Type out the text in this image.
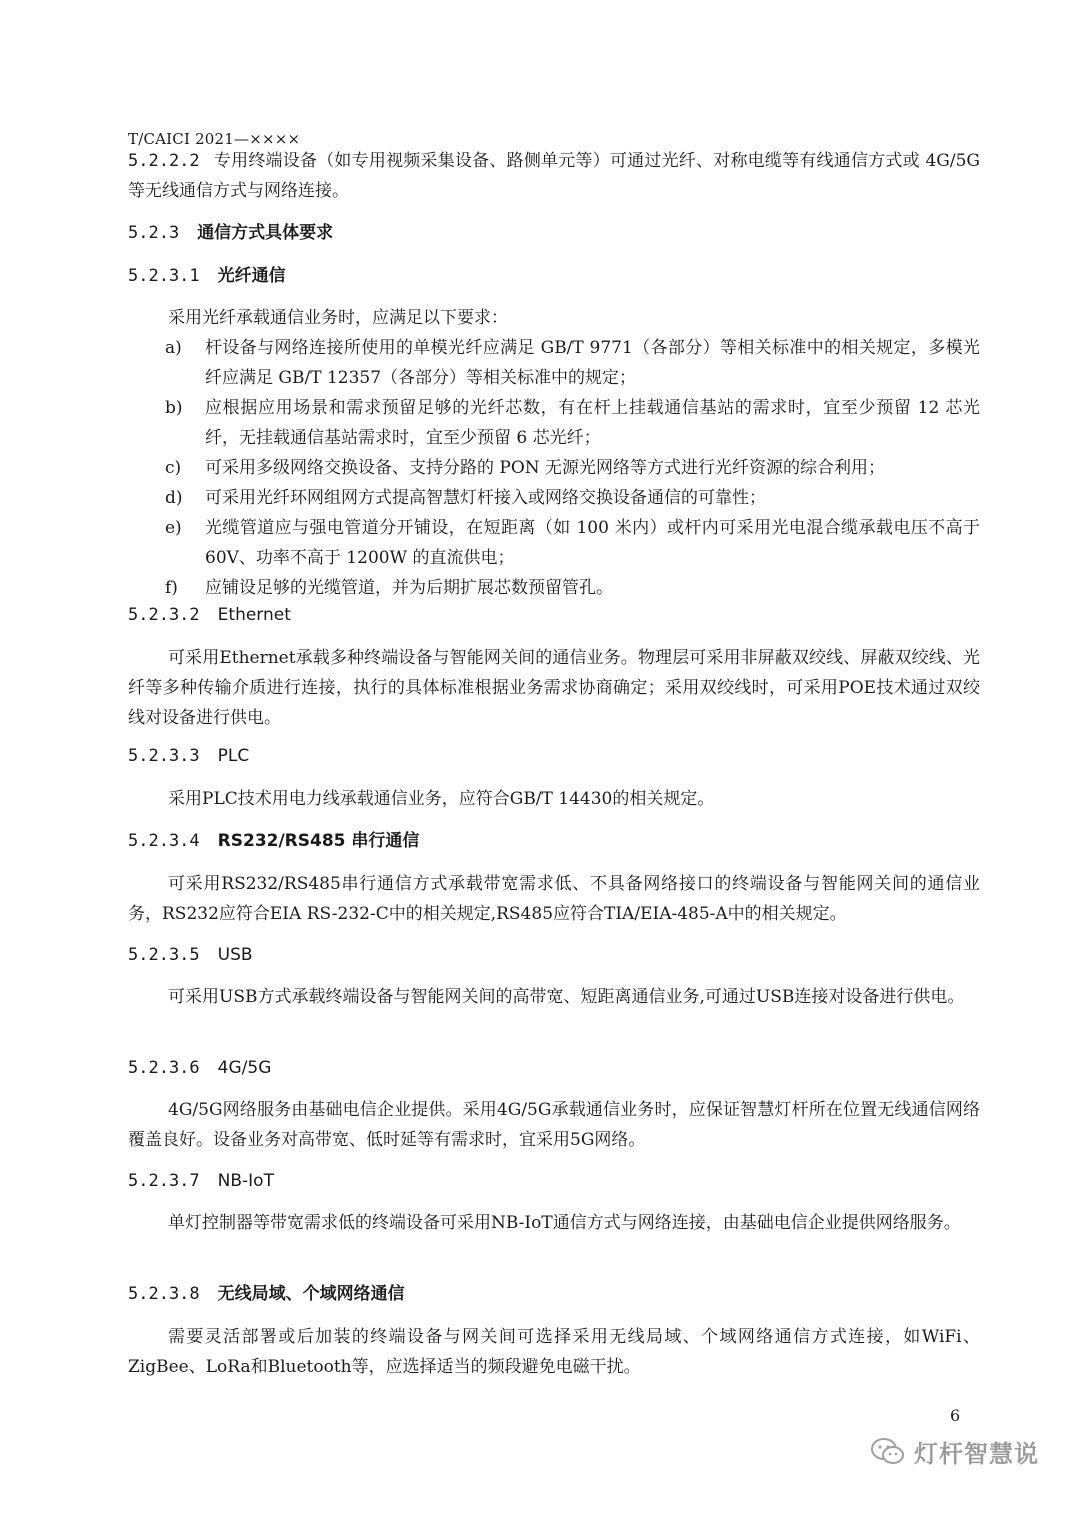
T/CAICI 2021—××××

5.2.2.2 专用终端设备（如专用视频采集设备、路侧单元等）可通过光纤、对称电缆等有线通信方式或 4G/5G 等无线通信方式与网络连接。

5.2.3 通信方式具体要求

5.2.3.1 光纤通信

采用光纤承载通信业务时，应满足以下要求：

a)	杆设备与网络连接所使用的单模光纤应满足 GB/T 9771（各部分）等相关标准中的相关规定，多模光纤应满足 GB/T 12357（各部分）等相关标准中的规定；
b)	应根据应用场景和需求预留足够的光纤芯数，有在杆上挂载通信基站的需求时，宜至少预留 12 芯光纤，无挂载通信基站需求时，宜至少预留 6 芯光纤；
c)	可采用多级网络交换设备、支持分路的 PON 无源光网络等方式进行光纤资源的综合利用；
d)	可采用光纤环网组网方式提高智慧灯杆接入或网络交换设备通信的可靠性；
e)	光缆管道应与强电管道分开铺设，在短距离（如 100 米内）或杆内可采用光电混合缆承载电压不高于 60V、功率不高于 1200W 的直流供电；
f)	应铺设足够的光缆管道，并为后期扩展芯数预留管孔。

5.2.3.2 Ethernet

可采用Ethernet承载多种终端设备与智能网关间的通信业务。物理层可采用非屏蔽双绞线、屏蔽双绞线、光纤等多种传输介质进行连接，执行的具体标准根据业务需求协商确定；采用双绞线时，可采用POE技术通过双绞线对设备进行供电。

5.2.3.3 PLC

采用PLC技术用电力线承载通信业务，应符合GB/T 14430的相关规定。

5.2.3.4 RS232/RS485 串行通信

可采用RS232/RS485串行通信方式承载带宽需求低、不具备网络接口的终端设备与智能网关间的通信业务，RS232应符合EIA RS-232-C中的相关规定,RS485应符合TIA/EIA-485-A中的相关规定。

5.2.3.5 USB

可采用USB方式承载终端设备与智能网关间的高带宽、短距离通信业务,可通过USB连接对设备进行供电。

5.2.3.6 4G/5G

4G/5G网络服务由基础电信企业提供。采用4G/5G承载通信业务时，应保证智慧灯杆所在位置无线通信网络覆盖良好。设备业务对高带宽、低时延等有需求时，宜采用5G网络。

5.2.3.7 NB-IoT

单灯控制器等带宽需求低的终端设备可采用NB-IoT通信方式与网络连接，由基础电信企业提供网络服务。

5.2.3.8 无线局域、个域网络通信

需要灵活部署或后加装的终端设备与网关间可选择采用无线局域、个域网络通信方式连接，如WiFi、ZigBee、LoRa和Bluetooth等，应选择适当的频段避免电磁干扰。

6
灯杆智慧说
